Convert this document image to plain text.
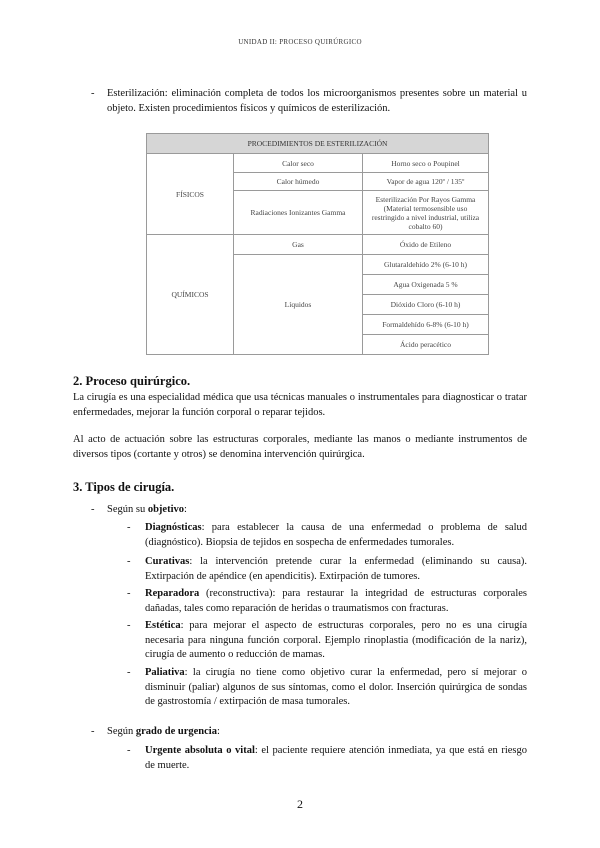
UNIDAD II: PROCESO QUIRÚRGICO
- Esterilización: eliminación completa de todos los microorganismos presentes sobre un material u objeto. Existen procedimientos físicos y químicos de esterilización.
PROCEDIMIENTOS DE ESTERILIZACIÓN		
FÍSICOS	Calor seco	Horno seco o Poupinel
	Calor húmedo	Vapor de agua 120º / 135º
	Radiaciones Ionizantes Gamma	Esterilización Por Rayos Gamma (Material termosensible uso restringido a nivel industrial, utiliza cobalto 60)
QUÍMICOS	Gas	Óxido de Etileno
	Líquidos	Glutaraldehído 2% (6-10 h)
		Agua Oxigenada 5 %
		Dióxido Cloro (6-10 h)
		Formaldehído 6-8% (6-10 h)
		Ácido peracético
2. Proceso quirúrgico.
La cirugía es una especialidad médica que usa técnicas manuales o instrumentales para diagnosticar o tratar enfermedades, mejorar la función corporal o reparar tejidos.
Al acto de actuación sobre las estructuras corporales, mediante las manos o mediante instrumentos de diversos tipos (cortante y otros) se denomina intervención quirúrgica.
3. Tipos de cirugía.
- Según su objetivo:
- Diagnósticas: para establecer la causa de una enfermedad o problema de salud (diagnóstico). Biopsia de tejidos en sospecha de enfermedades tumorales.
- Curativas: la intervención pretende curar la enfermedad (eliminando su causa). Extirpación de apéndice (en apendicitis). Extirpación de tumores.
- Reparadora (reconstructiva): para restaurar la integridad de estructuras corporales dañadas, tales como reparación de heridas o traumatismos con fracturas.
- Estética: para mejorar el aspecto de estructuras corporales, pero no es una cirugía necesaria para ninguna función corporal. Ejemplo rinoplastia (modificación de la nariz), cirugía de aumento o reducción de mamas.
- Paliativa: la cirugía no tiene como objetivo curar la enfermedad, pero sí mejorar o disminuir (paliar) algunos de sus síntomas, como el dolor. Inserción quirúrgica de sondas de gastrostomía / extirpación de masa tumorales.
- Según grado de urgencia:
- Urgente absoluta o vital: el paciente requiere atención inmediata, ya que está en riesgo de muerte.
2
